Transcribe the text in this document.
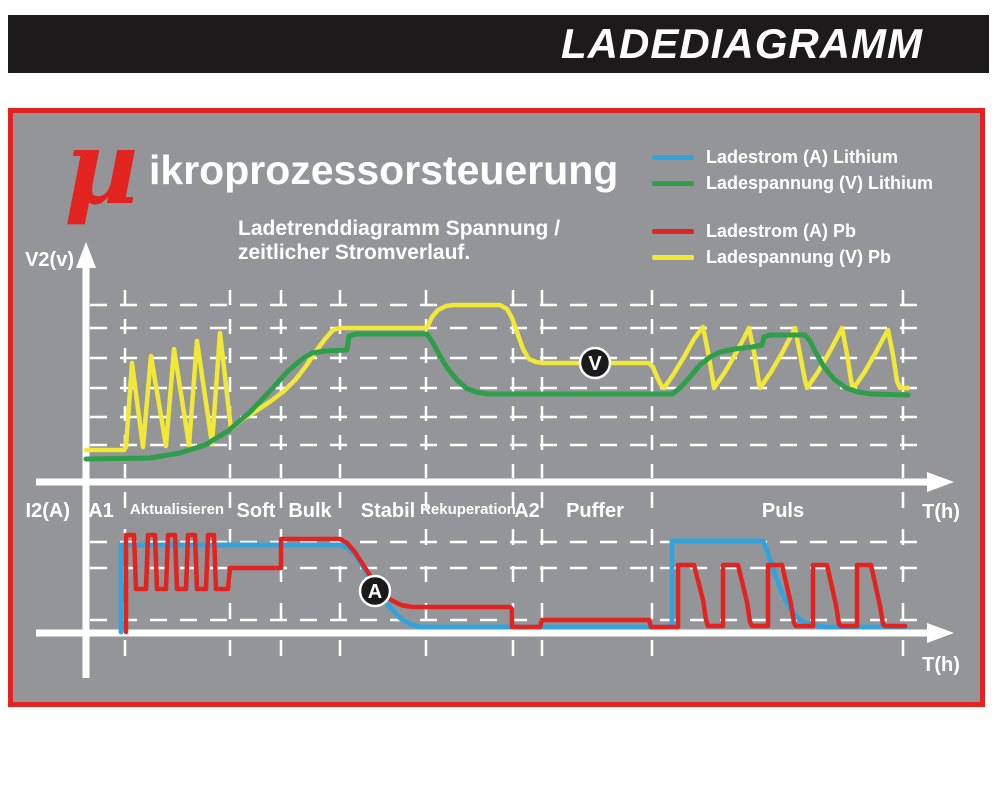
LADEDIAGRAMM
µ ikroprozessorsteuerung
Ladetrenddiagramm Spannung /
zeitlicher Stromverlauf.
Ladestrom (A) Lithium
Ladespannung (V) Lithium
Ladestrom (A) Pb
Ladespannung (V) Pb
V2(v)
I2(A) A1 Aktualisieren Soft Bulk Stabil Rekuperation
A2 Puffer	Puls	T(h)
T(h)
V
A
